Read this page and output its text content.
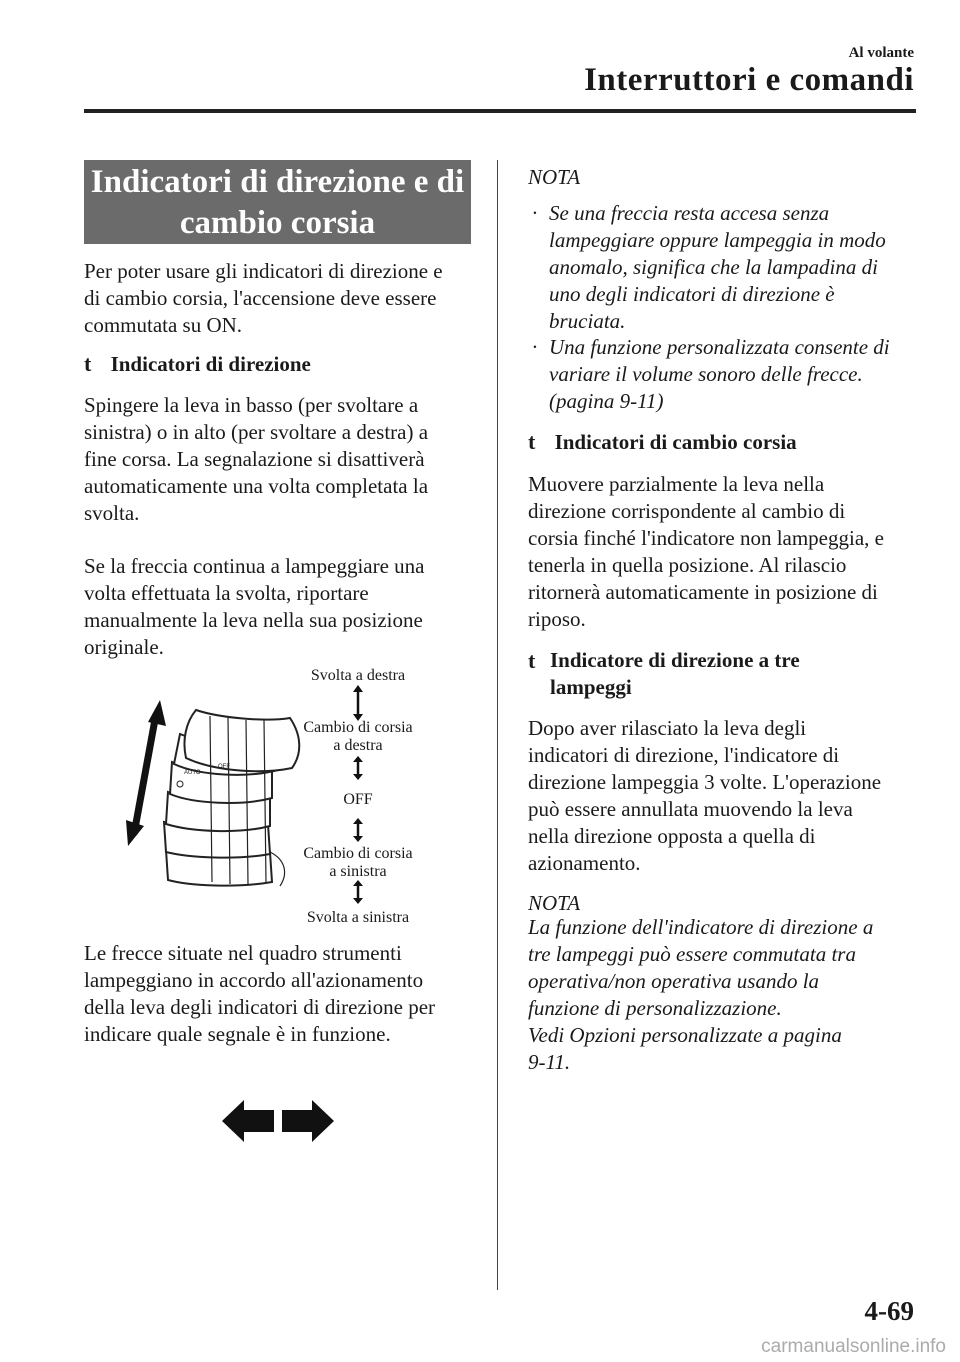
Al volante
Interruttori e comandi
Indicatori di direzione e di
cambio corsia
Per poter usare gli indicatori di direzione e
di cambio corsia, l'accensione deve essere
commutata su ON.
t Indicatori di direzione
Spingere la leva in basso (per svoltare a
sinistra) o in alto (per svoltare a destra) a
fine corsa. La segnalazione si disattiverà
automaticamente una volta completata la
svolta.
Se la freccia continua a lampeggiare una
volta effettuata la svolta, riportare
manualmente la leva nella sua posizione
originale.
AUTO
OFF
Svolta a destra
Cambio di corsia
a destra
OFF
Cambio di corsia
a sinistra
Svolta a sinistra
Le frecce situate nel quadro strumenti
lampeggiano in accordo all'azionamento
della leva degli indicatori di direzione per
indicare quale segnale è in funzione.
NOTA
· Se una freccia resta accesa senza
lampeggiare oppure lampeggia in modo
anomalo, significa che la lampadina di
uno degli indicatori di direzione è
bruciata.
· Una funzione personalizzata consente di
variare il volume sonoro delle frecce.
(pagina 9-11)
t Indicatori di cambio corsia
Muovere parzialmente la leva nella
direzione corrispondente al cambio di
corsia finché l'indicatore non lampeggia, e
tenerla in quella posizione. Al rilascio
ritornerà automaticamente in posizione di
riposo.
t Indicatore di direzione a tre
lampeggi
Dopo aver rilasciato la leva degli
indicatori di direzione, l'indicatore di
direzione lampeggia 3 volte. L'operazione
può essere annullata muovendo la leva
nella direzione opposta a quella di
azionamento.
NOTA
La funzione dell'indicatore di direzione a
tre lampeggi può essere commutata tra
operativa/non operativa usando la
funzione di personalizzazione.
Vedi Opzioni personalizzate a pagina
9-11.
4-69
carmanualsonline.info
